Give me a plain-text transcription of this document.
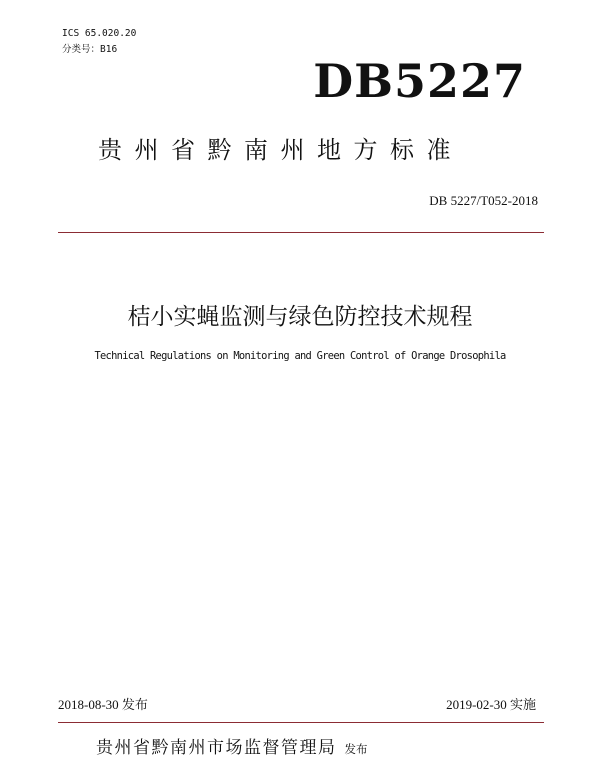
ICS 65.020.20
分类号：B16
DB5227
贵州省黔南州地方标准
DB 5227/T052-2018
桔小实蝇监测与绿色防控技术规程
Technical Regulations on Monitoring and Green Control of Orange Drosophila
2018-08-30 发布	2019-02-30 实施
贵州省黔南州市场监督管理局 发布
